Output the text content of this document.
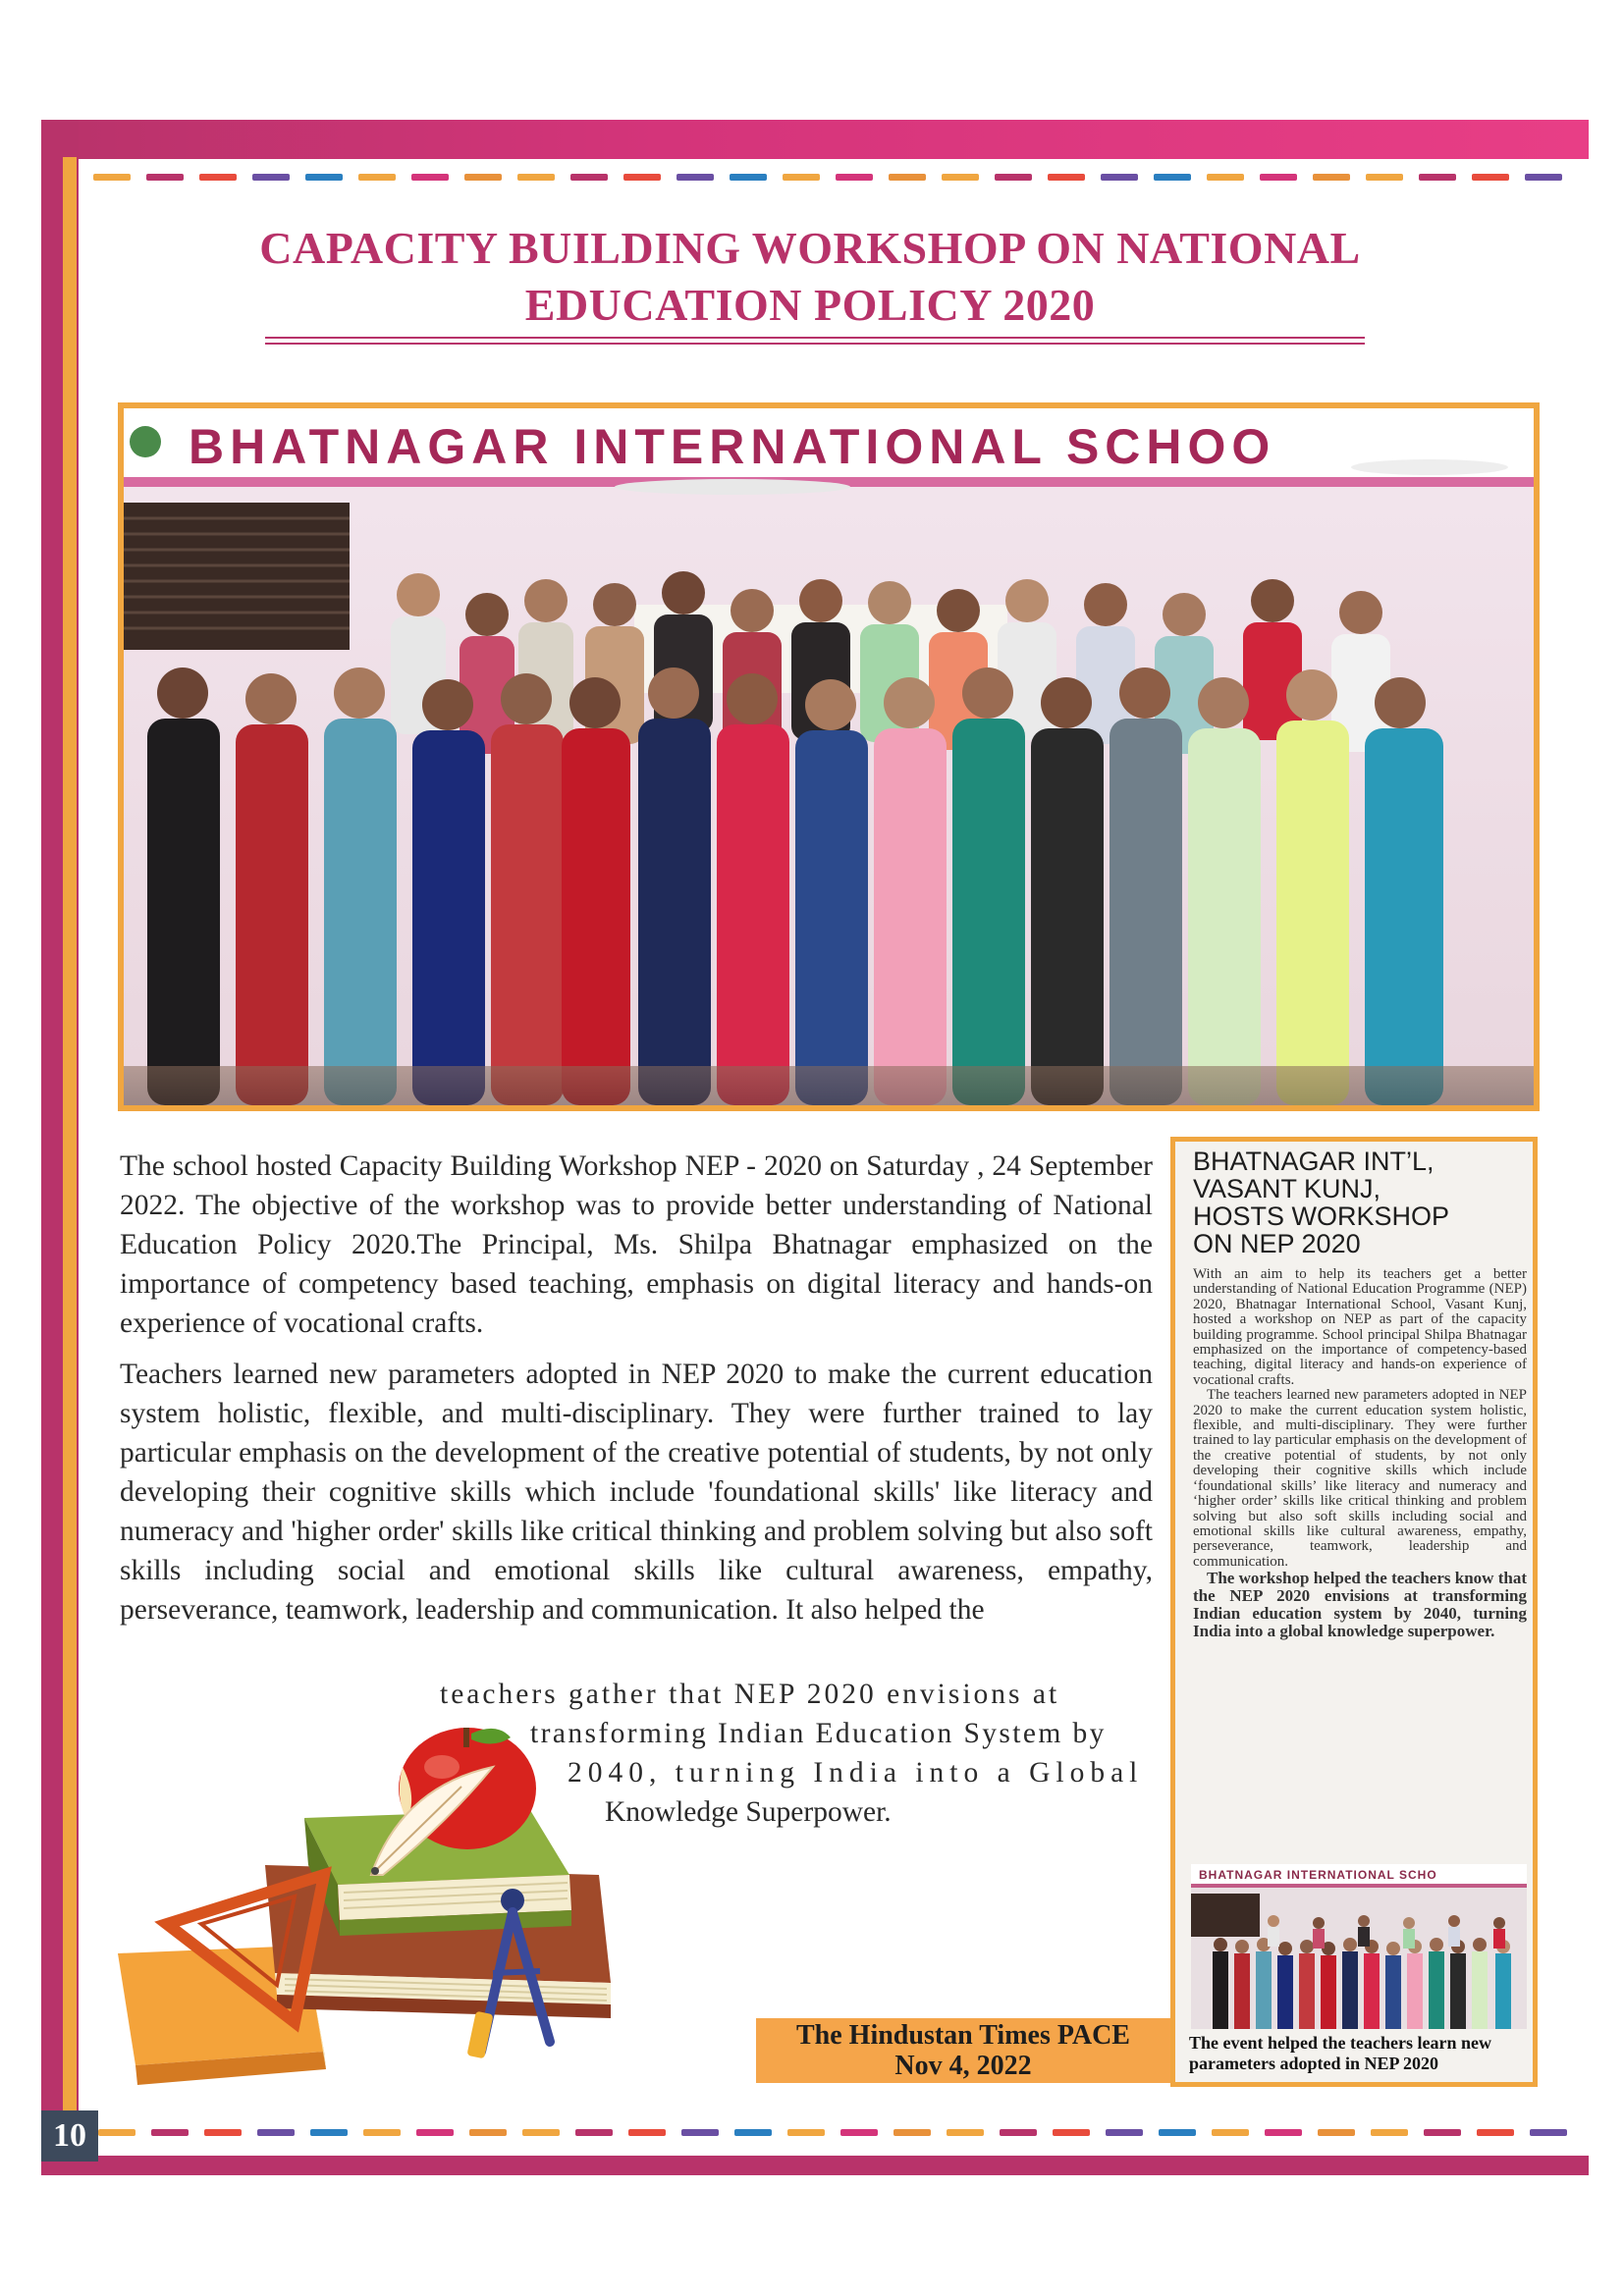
10
CAPACITY BUILDING WORKSHOP ON NATIONAL
EDUCATION POLICY 2020
BHATNAGAR INTERNATIONAL SCHOO

The school hosted Capacity Building Workshop NEP - 2020 on Saturday , 24 September 2022. The objective of the workshop was to provide better understanding of National Education Policy 2020.The Principal, Ms. Shilpa Bhatnagar emphasized on the importance of competency based teaching, emphasis on digital literacy and hands-on experience of vocational crafts.

Teachers learned new parameters adopted in NEP 2020 to make the current education system holistic, flexible, and multi-disciplinary. They were further trained to lay particular emphasis on the development of the creative potential of students, by not only developing their cognitive skills which include 'foundational skills' like literacy and numeracy and 'higher order' skills like critical thinking and problem solving but also soft skills including social and emotional skills like cultural awareness, empathy, perseverance, teamwork, leadership and communication. It also helped the

teachers gather that NEP 2020 envisions at
transforming Indian Education System by
2040, turning India into a Global
Knowledge Superpower.
BHATNAGAR INT’L,
VASANT KUNJ,
HOSTS WORKSHOP
ON NEP 2020

With an aim to help its teachers get a better understanding of National Education Programme (NEP) 2020, Bhatnagar International School, Vasant Kunj, hosted a workshop on NEP as part of the capacity building programme. School principal Shilpa Bhatnagar emphasized on the importance of competency-based teaching, digital literacy and hands-on experience of vocational crafts.

The teachers learned new parameters adopted in NEP 2020 to make the current education system holistic, flexible, and multi-disciplinary. They were further trained to lay particular emphasis on the development of the creative potential of students, by not only developing their cognitive skills which include ‘foundational skills’ like literacy and numeracy and ‘higher order’ skills like critical thinking and problem solving but also soft skills including social and emotional skills like cultural awareness, empathy, perseverance, teamwork, leadership and communication.

The workshop helped the teachers know that the NEP 2020 envisions at transforming Indian education system by 2040, turning India into a global knowledge superpower.

BHATNAGAR INTERNATIONAL SCHO
The event helped the teachers learn new parameters adopted in NEP 2020
The Hindustan Times PACE
Nov 4, 2022
